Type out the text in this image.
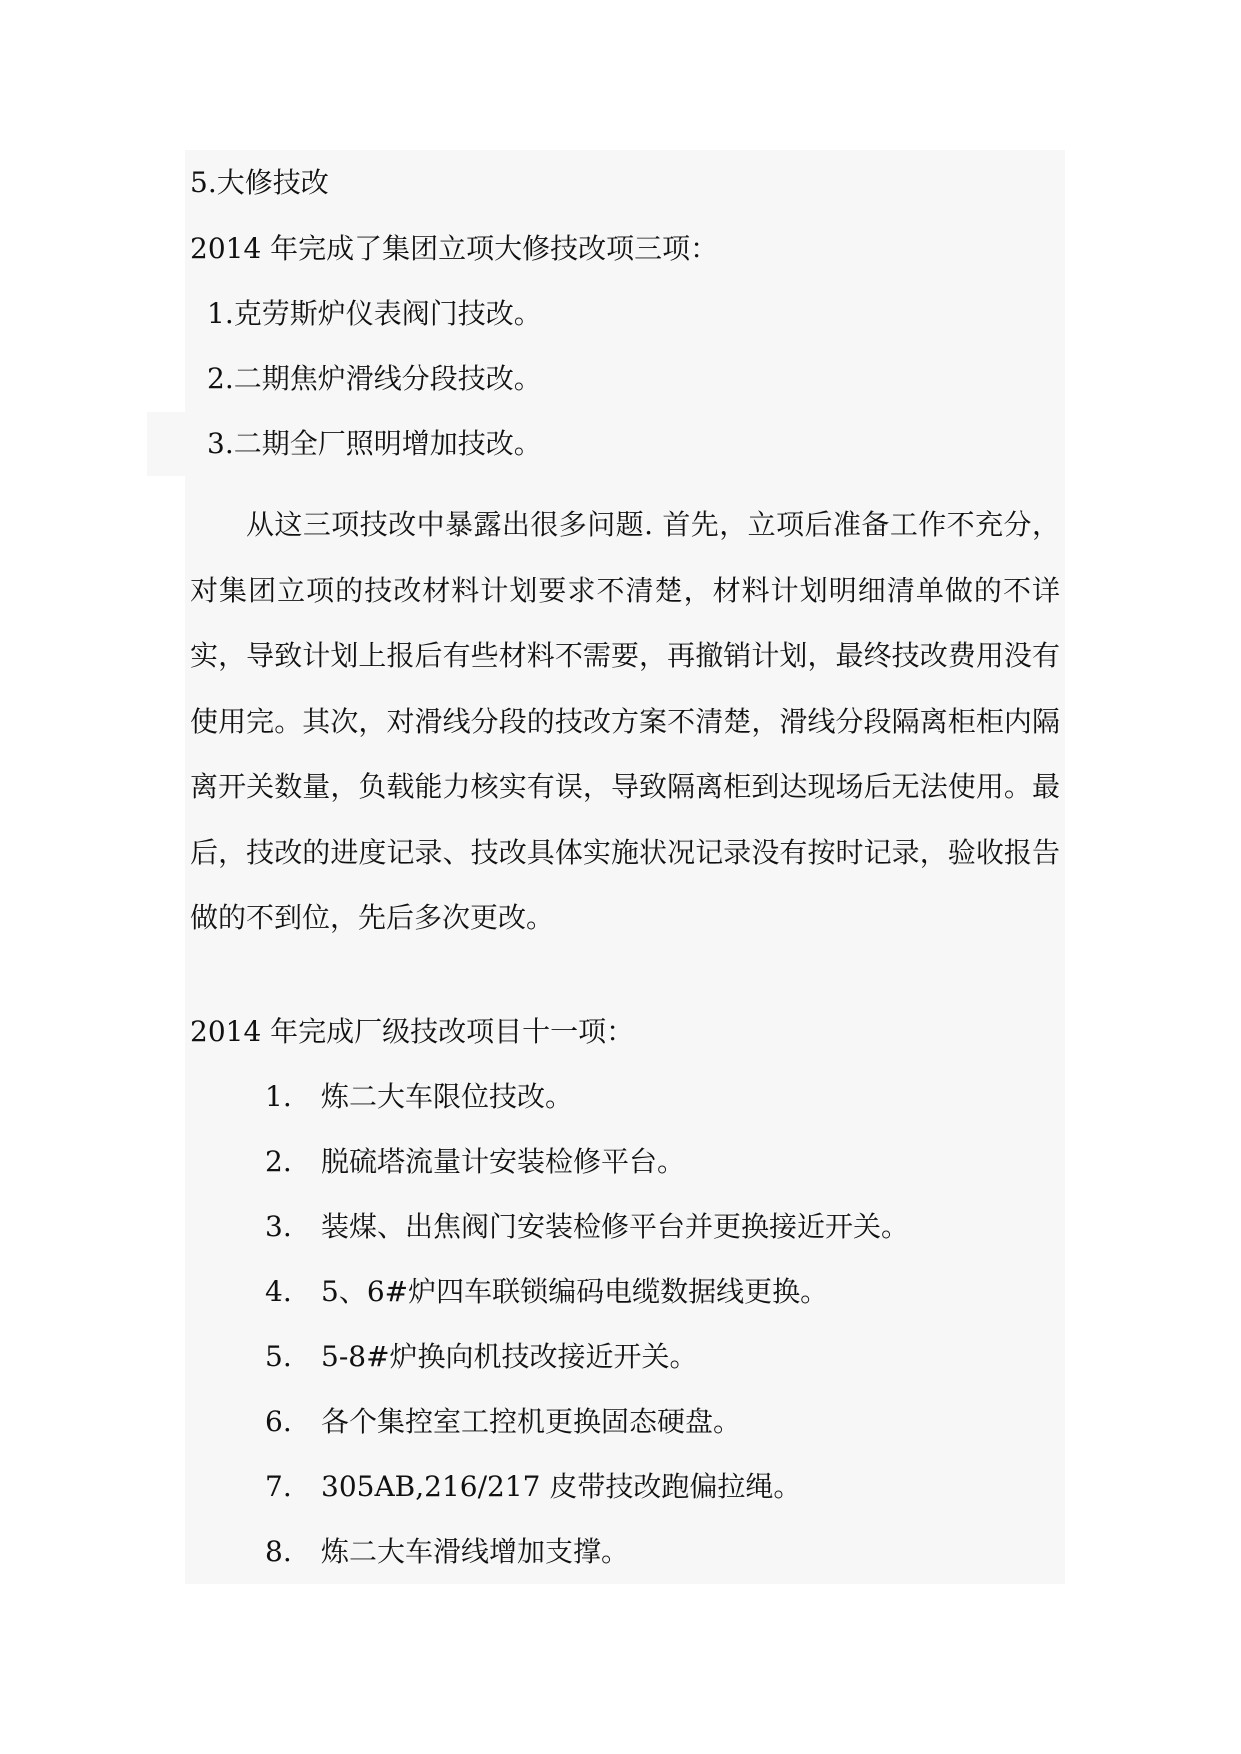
5.大修技改
2014 年完成了集团立项大修技改项三项：
1.克劳斯炉仪表阀门技改。
2.二期焦炉滑线分段技改。
3.二期全厂照明增加技改。

从这三项技改中暴露出很多问题. 首先，立项后准备工作不充分，对集团立项的技改材料计划要求不清楚，材料计划明细清单做的不详实，导致计划上报后有些材料不需要，再撤销计划，最终技改费用没有使用完。其次，对滑线分段的技改方案不清楚，滑线分段隔离柜柜内隔离开关数量，负载能力核实有误，导致隔离柜到达现场后无法使用。最后，技改的进度记录、技改具体实施状况记录没有按时记录，验收报告做的不到位，先后多次更改。

2014 年完成厂级技改项目十一项：
1. 炼二大车限位技改。
2. 脱硫塔流量计安装检修平台。
3. 装煤、出焦阀门安装检修平台并更换接近开关。
4. 5、6#炉四车联锁编码电缆数据线更换。
5. 5-8#炉换向机技改接近开关。
6. 各个集控室工控机更换固态硬盘。
7. 305AB,216/217 皮带技改跑偏拉绳。
8. 炼二大车滑线增加支撑。
